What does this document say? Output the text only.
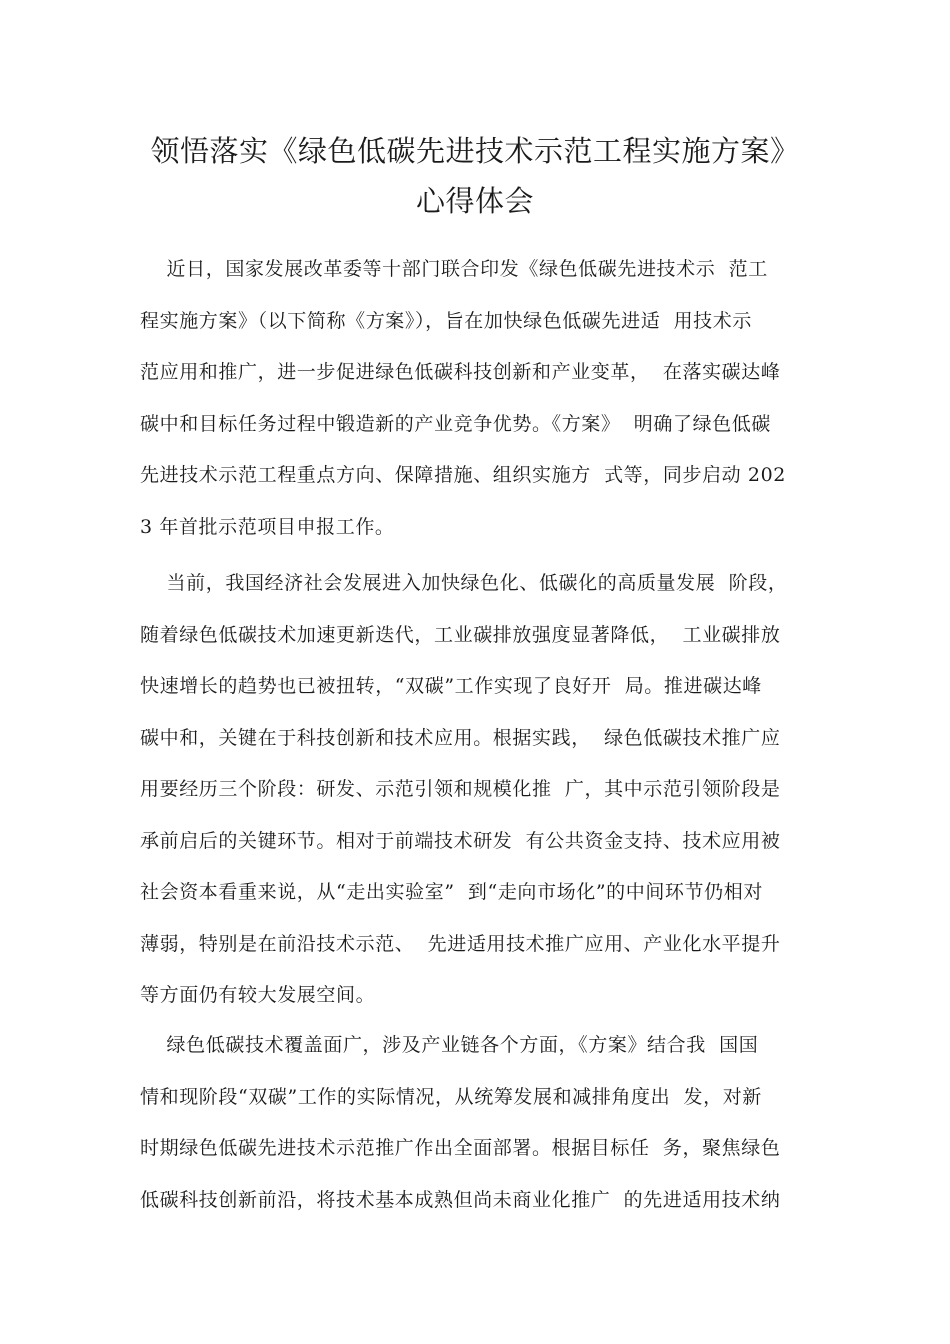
领悟落实《绿色低碳先进技术示范工程实施方案》
心得体会
近日，国家发展改革委等十部门联合印发《绿色低碳先进技术示  范工
程实施方案》（以下简称《方案》），旨在加快绿色低碳先进适  用技术示
范应用和推广，进一步促进绿色低碳科技创新和产业变革，  在落实碳达峰
碳中和目标任务过程中锻造新的产业竞争优势。《方案》  明确了绿色低碳
先进技术示范工程重点方向、保障措施、组织实施方  式等，同步启动 202
3 年首批示范项目申报工作。
当前，我国经济社会发展进入加快绿色化、低碳化的高质量发展  阶段，
随着绿色低碳技术加速更新迭代，工业碳排放强度显著降低，  工业碳排放
快速增长的趋势也已被扭转，“双碳”工作实现了良好开  局。推进碳达峰
碳中和，关键在于科技创新和技术应用。根据实践，  绿色低碳技术推广应
用要经历三个阶段：研发、示范引领和规模化推  广，其中示范引领阶段是
承前启后的关键环节。相对于前端技术研发  有公共资金支持、技术应用被
社会资本看重来说，从“走出实验室”  到“走向市场化”的中间环节仍相对
薄弱，特别是在前沿技术示范、  先进适用技术推广应用、产业化水平提升
等方面仍有较大发展空间。
绿色低碳技术覆盖面广，涉及产业链各个方面，《方案》结合我  国国
情和现阶段“双碳”工作的实际情况，从统筹发展和减排角度出  发，对新
时期绿色低碳先进技术示范推广作出全面部署。根据目标任  务，聚焦绿色
低碳科技创新前沿，将技术基本成熟但尚未商业化推广  的先进适用技术纳
